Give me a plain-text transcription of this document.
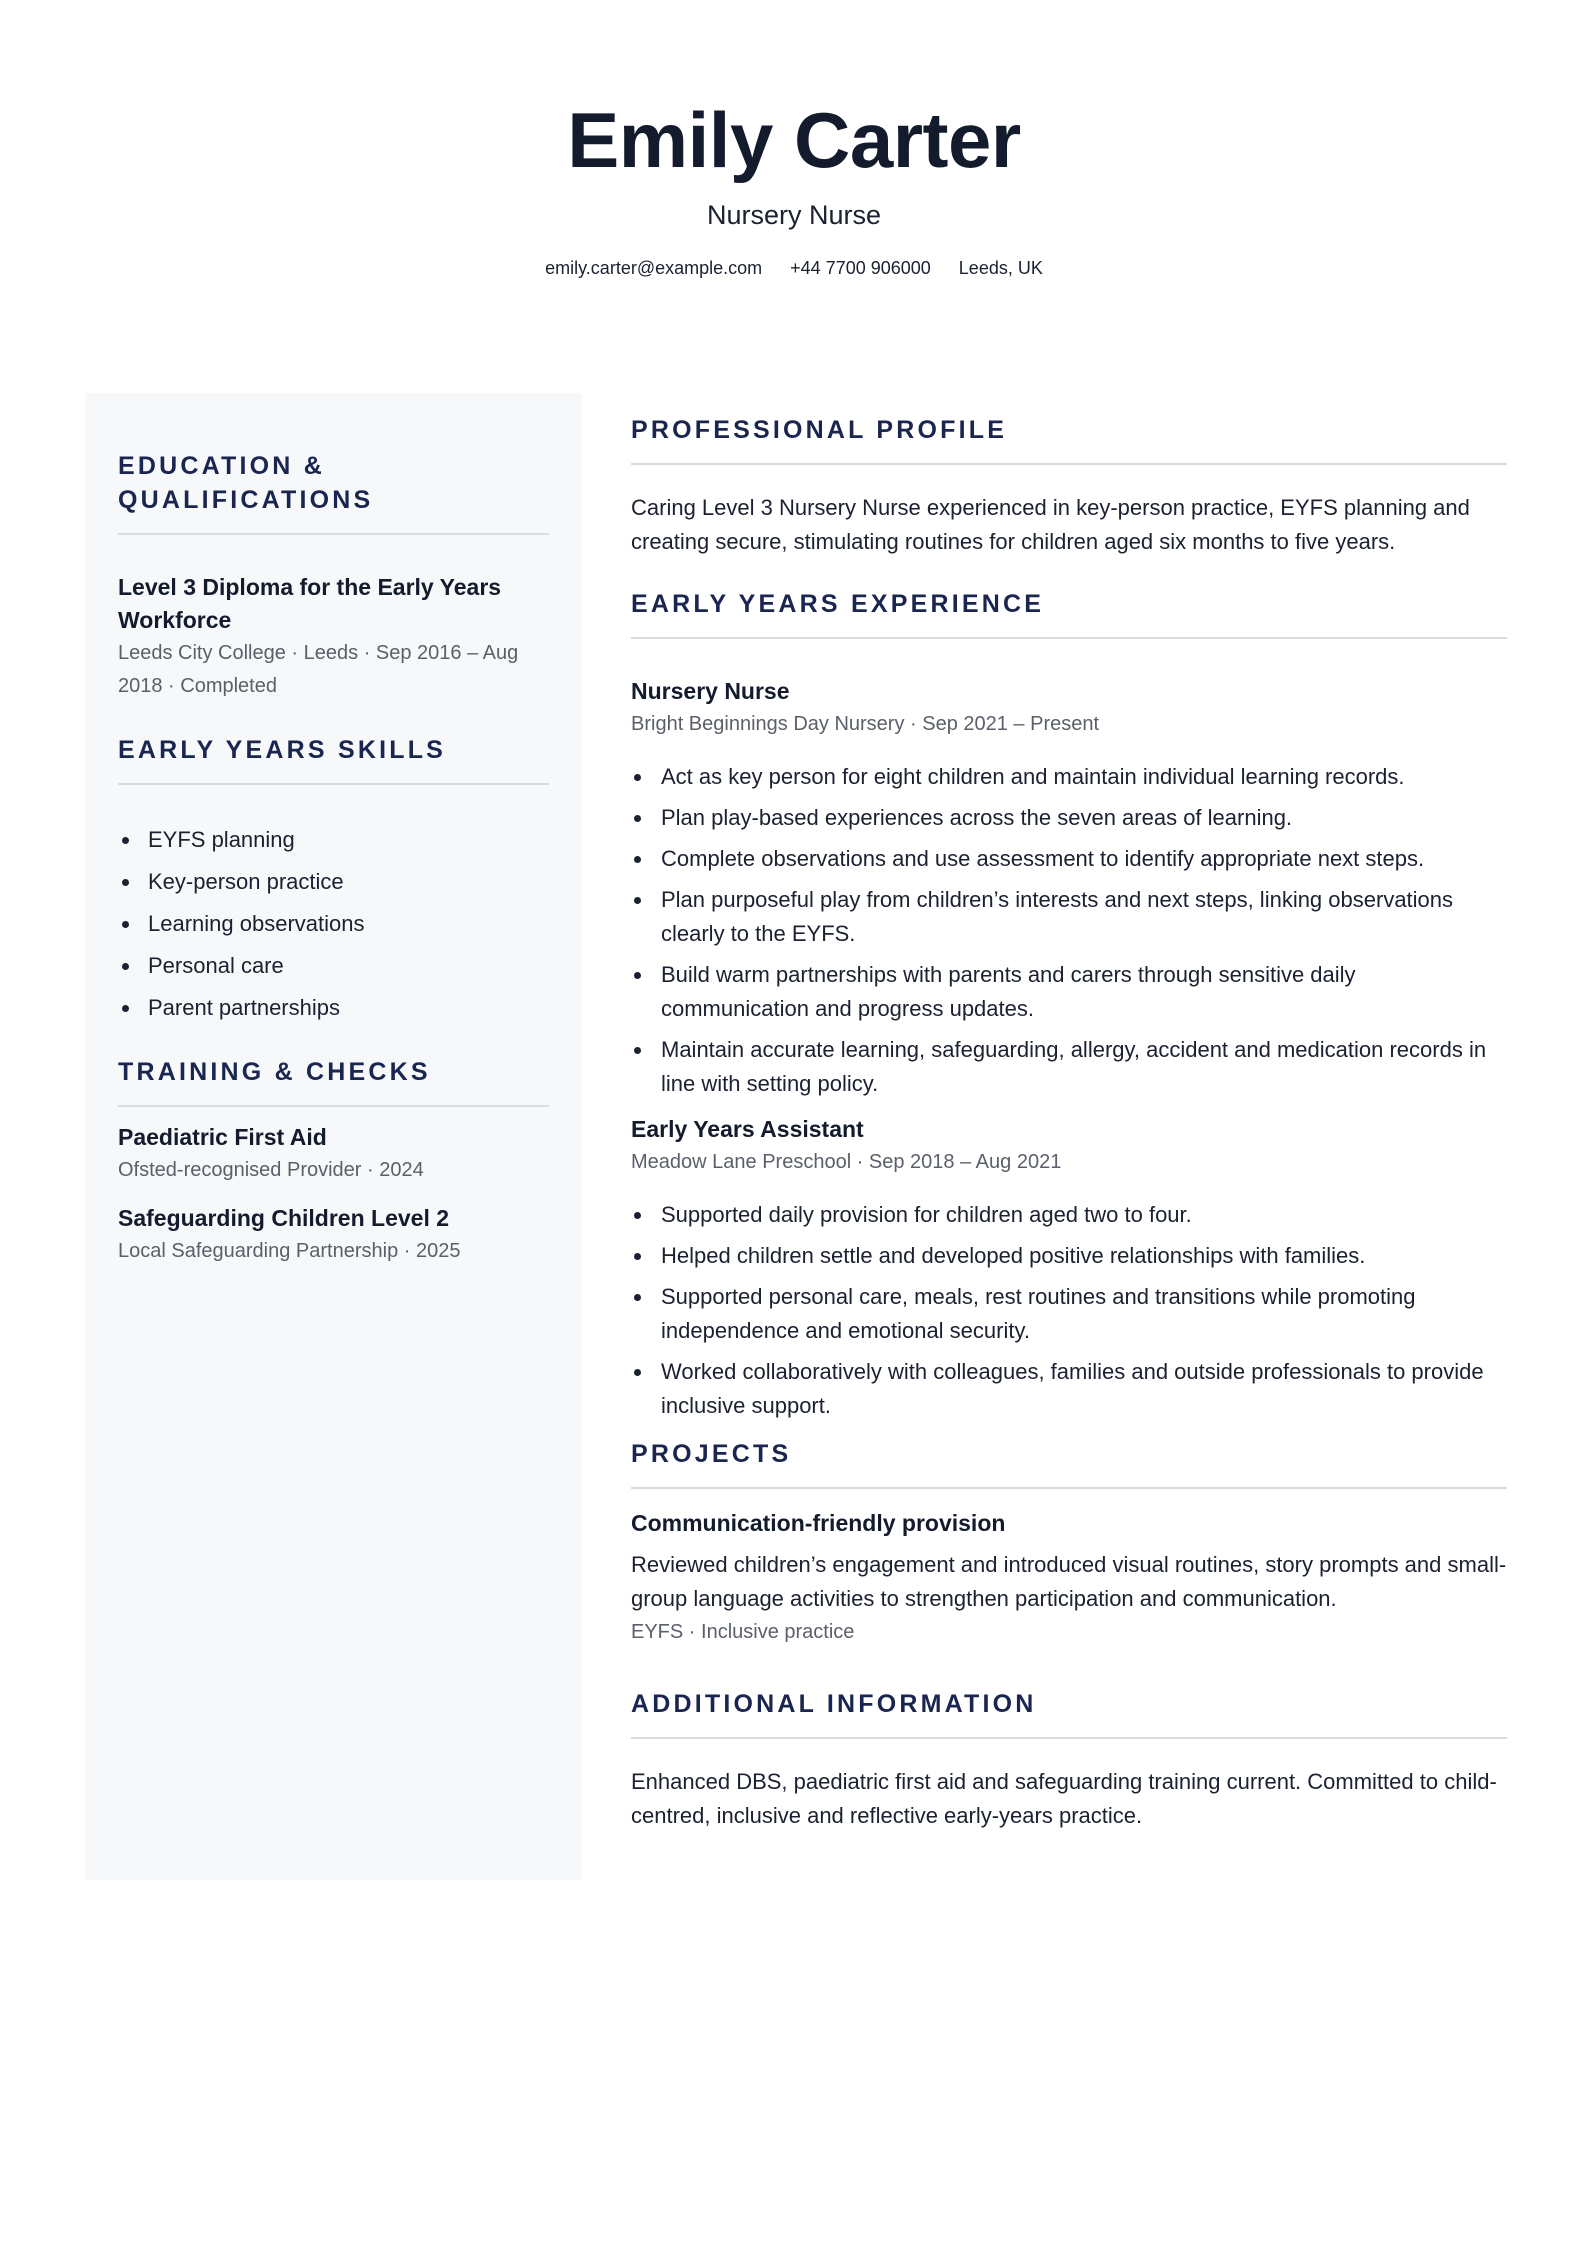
Emily Carter
Nursery Nurse
emily.carter@example.com +44 7700 906000 Leeds, UK
EDUCATION &
QUALIFICATIONS
Level 3 Diploma for the Early Years Workforce
Leeds City College · Leeds · Sep 2016 – Aug 2018 · Completed
EARLY YEARS SKILLS
EYFS planning
Key-person practice
Learning observations
Personal care
Parent partnerships
TRAINING & CHECKS
Paediatric First Aid
Ofsted-recognised Provider · 2024
Safeguarding Children Level 2
Local Safeguarding Partnership · 2025
PROFESSIONAL PROFILE
Caring Level 3 Nursery Nurse experienced in key-person practice, EYFS planning and creating secure, stimulating routines for children aged six months to five years.
EARLY YEARS EXPERIENCE
Nursery Nurse
Bright Beginnings Day Nursery · Sep 2021 – Present
Act as key person for eight children and maintain individual learning records.
Plan play-based experiences across the seven areas of learning.
Complete observations and use assessment to identify appropriate next steps.
Plan purposeful play from children’s interests and next steps, linking observations clearly to the EYFS.
Build warm partnerships with parents and carers through sensitive daily communication and progress updates.
Maintain accurate learning, safeguarding, allergy, accident and medication records in line with setting policy.
Early Years Assistant
Meadow Lane Preschool · Sep 2018 – Aug 2021
Supported daily provision for children aged two to four.
Helped children settle and developed positive relationships with families.
Supported personal care, meals, rest routines and transitions while promoting independence and emotional security.
Worked collaboratively with colleagues, families and outside professionals to provide inclusive support.
PROJECTS
Communication-friendly provision
Reviewed children’s engagement and introduced visual routines, story prompts and small-group language activities to strengthen participation and communication.
EYFS · Inclusive practice
ADDITIONAL INFORMATION
Enhanced DBS, paediatric first aid and safeguarding training current. Committed to child-centred, inclusive and reflective early-years practice.
